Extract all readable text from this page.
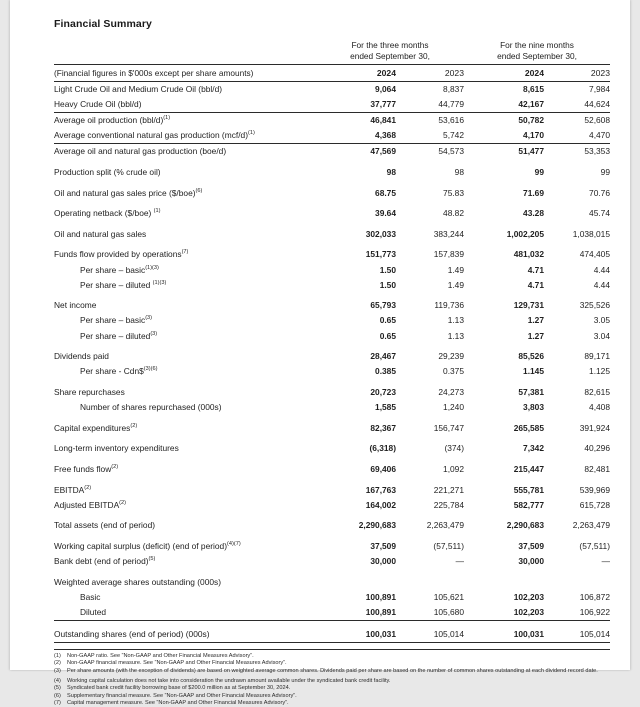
Financial Summary

For the three months
ended September 30,

For the nine months
ended September 30,

(Financial figures in $'000s except per share amounts)	2024	2023	2024	2023
Light Crude Oil and Medium Crude Oil (bbl/d)	9,064	8,837	8,615	7,984
Heavy Crude Oil (bbl/d)	37,777	44,779	42,167	44,624
Average oil production $(bbl/d)^{(1)}$	46,841	53,616	50,782	52,608
Average conventional natural gas production $(mcf/d)^{(1)}$	4,368	5,742	4,170	4,470
Average oil and natural gas production (boe/d)	47,569	54,573	51,477	53,353
Production split (% crude oil)	98	98	99	99
Oil and natural gas sales price ($/boe)$^{(6)}$	68.75	75.83	71.69	70.76
Operating netback ($/boe) $^{(1)}$	39.64	48.82	43.28	45.74
Oil and natural gas sales	302,033	383,244	1,002,205	1,038,015
Funds flow provided by operations$^{(7)}$	151,773	157,839	481,032	474,405
Per share – basic$^{(1)(3)}$	1.50	1.49	4.71	4.44
Per share – diluted $^{(1)(3)}$	1.50	1.49	4.71	4.44
Net income	65,793	119,736	129,731	325,526
Per share – basic$^{(3)}$	0.65	1.13	1.27	3.05
Per share – diluted$^{(3)}$	0.65	1.13	1.27	3.04
Dividends paid	28,467	29,239	85,526	89,171
Per share - Cdn\$$^{(3)(6)}$	0.385	0.375	1.145	1.125
Share repurchases	20,723	24,273	57,381	82,615
Number of shares repurchased (000s)	1,585	1,240	3,803	4,408
Capital expenditures$^{(2)}$	82,367	156,747	265,585	391,924
Long-term inventory expenditures	(6,318)	(374)	7,342	40,296
Free funds flow$^{(2)}$	69,406	1,092	215,447	82,481
EBITDA$^{(2)}$	167,763	221,271	555,781	539,969
Adjusted EBITDA$^{(2)}$	164,002	225,784	582,777	615,728
Total assets (end of period)	2,290,683	2,263,479	2,290,683	2,263,479
Working capital surplus (deficit) (end of period)$^{(4)(7)}$	37,509	(57,511)	37,509	(57,511)
Bank debt (end of period)$^{(5)}$	30,000	—	30,000	—
Weighted average shares outstanding (000s)				
Basic	100,891	105,621	102,203	106,872
Diluted	100,891	105,680	102,203	106,922
Outstanding shares (end of period) (000s)	100,031	105,014	100,031	105,014
(1)	Non-GAAP ratio. See “Non-GAAP and Other Financial Measures Advisory”.
(2)	Non-GAAP financial measure. See “Non-GAAP and Other Financial Measures Advisory”.
(3)	Per share amounts (with the exception of dividends) are based on weighted average common shares. Dividends paid per share are based on the number of common shares outstanding at each dividend record date.
(4)	Working capital calculation does not take into consideration the undrawn amount available under the syndicated bank credit facility.
(5)	Syndicated bank credit facility borrowing base of $200.0 million as at September 30, 2024.
(6)	Supplementary financial measure. See “Non-GAAP and Other Financial Measures Advisory”.
(7)	Capital management measure. See “Non-GAAP and Other Financial Measures Advisory”.
